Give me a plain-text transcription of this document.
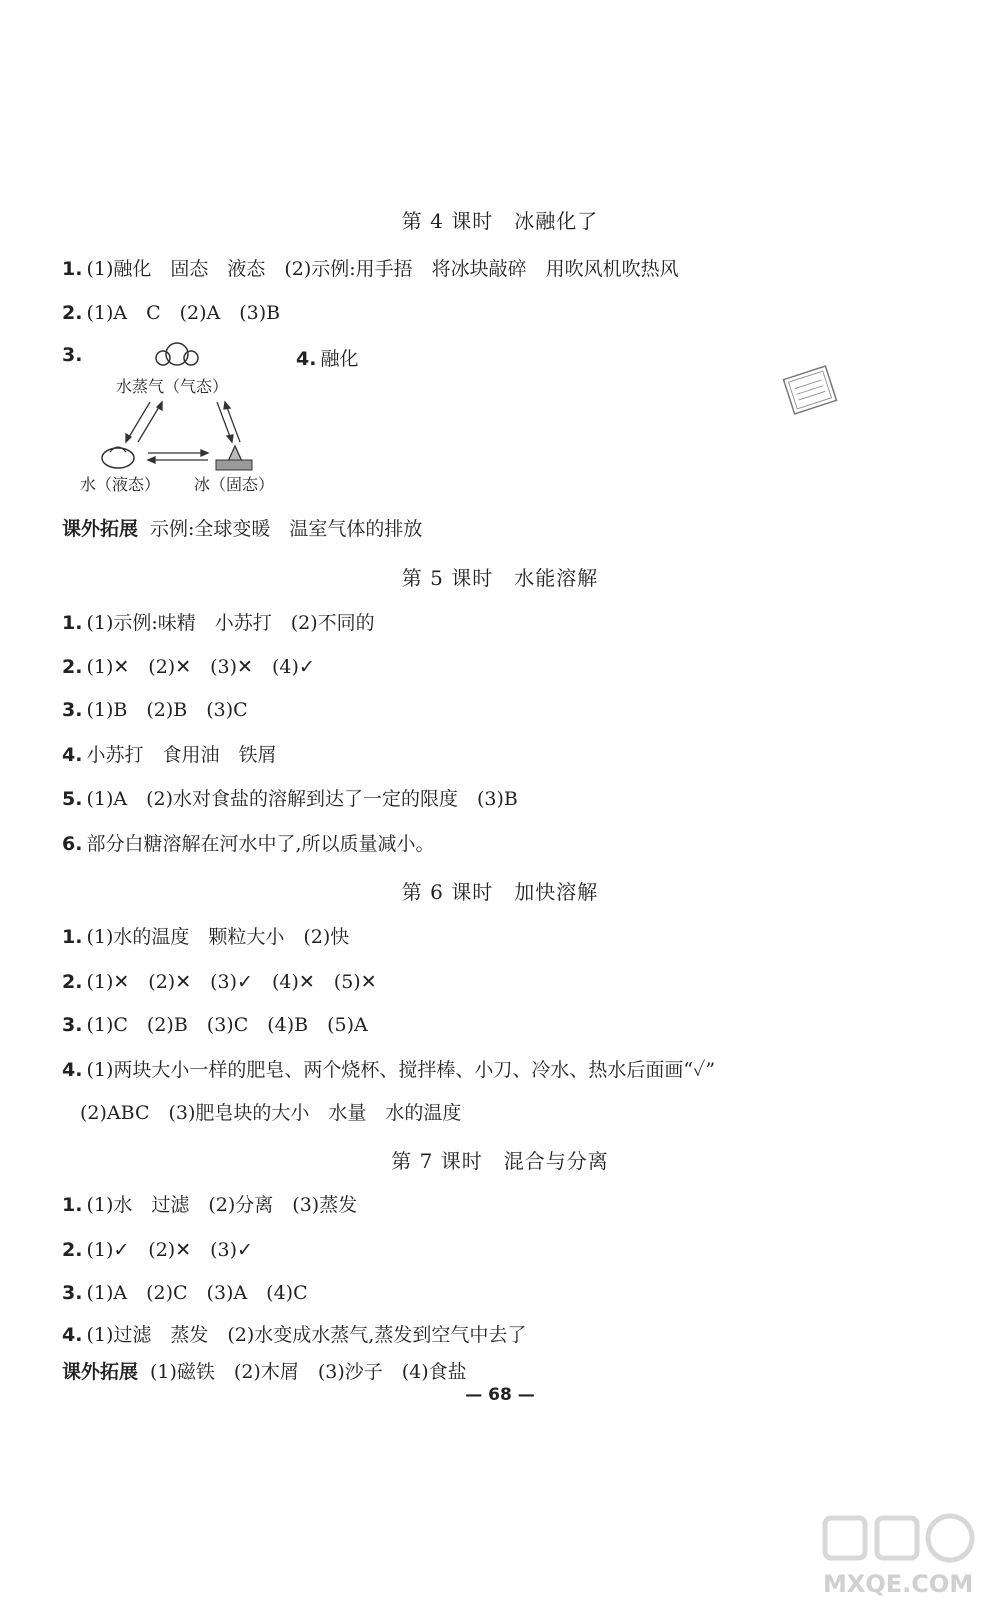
第 4 课时　冰融化了
1. (1)融化　固态　液态　(2)示例:用手捂　将冰块敲碎　用吹风机吹热风
2. (1)A　C　(2)A　(3)B
3.	4. 融化
水蒸气（气态）
水（液态） 冰（固态）
课外拓展 示例:全球变暖　温室气体的排放
第 5 课时　水能溶解
1. (1)示例:味精　小苏打　(2)不同的
2. (1)✕　(2)✕　(3)✕　(4)✓
3. (1)B　(2)B　(3)C
4. 小苏打　食用油　铁屑
5. (1)A　(2)水对食盐的溶解到达了一定的限度　(3)B
6. 部分白糖溶解在河水中了,所以质量减小。
第 6 课时　加快溶解
1. (1)水的温度　颗粒大小　(2)快
2. (1)✕　(2)✕　(3)✓　(4)✕　(5)✕
3. (1)C　(2)B　(3)C　(4)B　(5)A
4. (1)两块大小一样的肥皂、两个烧杯、搅拌棒、小刀、冷水、热水后面画“✓”
(2)ABC　(3)肥皂块的大小　水量　水的温度
第 7 课时　混合与分离
1. (1)水　过滤　(2)分离　(3)蒸发
2. (1)✓　(2)✕　(3)✓
3. (1)A　(2)C　(3)A　(4)C
4. (1)过滤　蒸发　(2)水变成水蒸气,蒸发到空气中去了
课外拓展 (1)磁铁　(2)木屑　(3)沙子　(4)食盐
— 68 —
MXQE.COM
